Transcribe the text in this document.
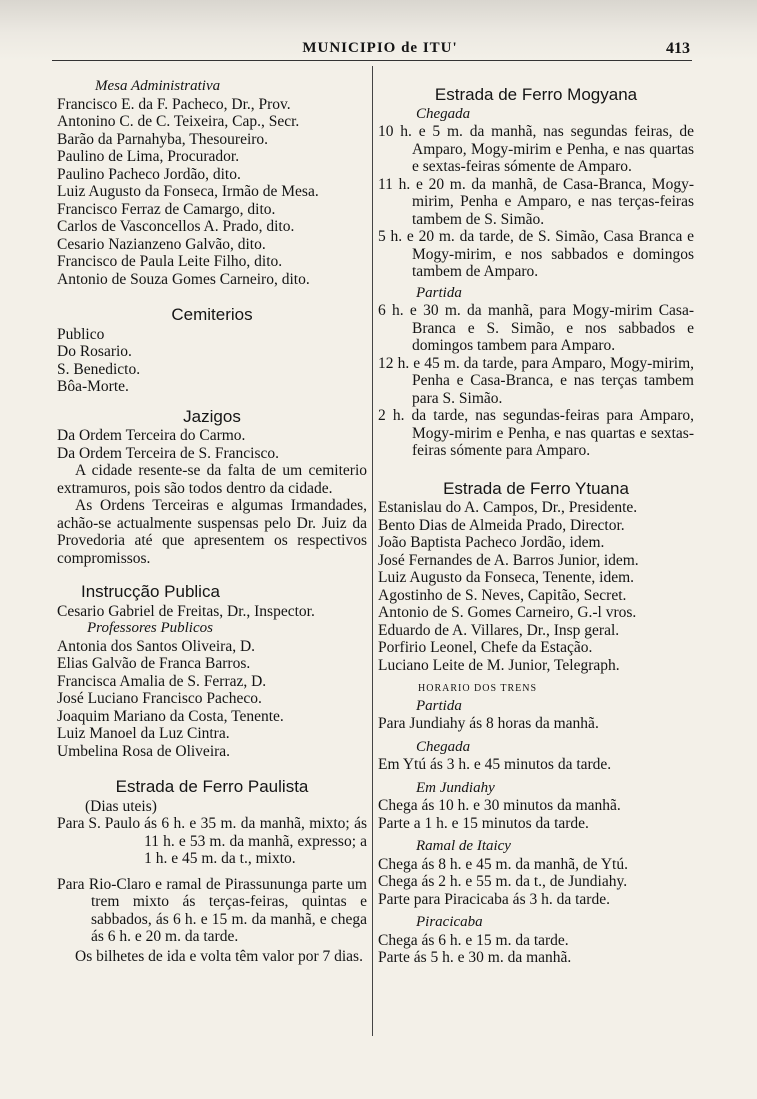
MUNICIPIO de ITU'	413
Mesa Administrativa
Francisco E. da F. Pacheco, Dr., Prov.
Antonino C. de C. Teixeira, Cap., Secr.
Barão da Parnahyba, Thesoureiro.
Paulino de Lima, Procurador.
Paulino Pacheco Jordão, dito.
Luiz Augusto da Fonseca, Irmão de Mesa.
Francisco Ferraz de Camargo, dito.
Carlos de Vasconcellos A. Prado, dito.
Cesario Nazianzeno Galvão, dito.
Francisco de Paula Leite Filho, dito.
Antonio de Souza Gomes Carneiro, dito.
Cemiterios
Publico
Do Rosario.
S. Benedicto.
Bôa-Morte.
Jazigos
Da Ordem Terceira do Carmo.
Da Ordem Terceira de S. Francisco.
A cidade resente-se da falta de um cemiterio extramuros, pois são todos dentro da cidade.
As Ordens Terceiras e algumas Irmandades, achão-se actualmente suspensas pelo Dr. Juiz da Provedoria até que apresentem os respectivos compromissos.
Instrucção Publica
Cesario Gabriel de Freitas, Dr., Inspector.
Professores Publicos
Antonia dos Santos Oliveira, D.
Elias Galvão de Franca Barros.
Francisca Amalia de S. Ferraz, D.
José Luciano Francisco Pacheco.
Joaquim Mariano da Costa, Tenente.
Luiz Manoel da Luz Cintra.
Umbelina Rosa de Oliveira.
Estrada de Ferro Paulista
(Dias uteis)
Para S. Paulo ás 6 h. e 35 m. da manhã, mixto; ás 11 h. e 53 m. da manhã, expresso; a 1 h. e 45 m. da t., mixto.
Para Rio-Claro e ramal de Pirassununga parte um trem mixto ás terças-feiras, quintas e sabbados, ás 6 h. e 15 m. da manhã, e chega ás 6 h. e 20 m. da tarde.
Os bilhetes de ida e volta têm valor por 7 dias.
Estrada de Ferro Mogyana
Chegada
10 h. e 5 m. da manhã, nas segundas feiras, de Amparo, Mogy-mirim e Penha, e nas quartas e sextas-feiras sómente de Amparo.
11 h. e 20 m. da manhã, de Casa-Branca, Mogy-mirim, Penha e Amparo, e nas terças-feiras tambem de S. Simão.
5 h. e 20 m. da tarde, de S. Simão, Casa Branca e Mogy-mirim, e nos sabbados e domingos tambem de Amparo.
Partida
6 h. e 30 m. da manhã, para Mogy-mirim Casa-Branca e S. Simão, e nos sabbados e domingos tambem para Amparo.
12 h. e 45 m. da tarde, para Amparo, Mogy-mirim, Penha e Casa-Branca, e nas terças tambem para S. Simão.
2 h. da tarde, nas segundas-feiras para Amparo, Mogy-mirim e Penha, e nas quartas e sextas-feiras sómente para Amparo.
Estrada de Ferro Ytuana
Estanislau do A. Campos, Dr., Presidente.
Bento Dias de Almeida Prado, Director.
João Baptista Pacheco Jordão, idem.
José Fernandes de A. Barros Junior, idem.
Luiz Augusto da Fonseca, Tenente, idem.
Agostinho de S. Neves, Capitão, Secret.
Antonio de S. Gomes Carneiro, G.-l vros.
Eduardo de A. Villares, Dr., Insp geral.
Porfirio Leonel, Chefe da Estação.
Luciano Leite de M. Junior, Telegraph.
HORARIO DOS TRENS
Partida
Para Jundiahy ás 8 horas da manhã.
Chegada
Em Ytú ás 3 h. e 45 minutos da tarde.
Em Jundiahy
Chega ás 10 h. e 30 minutos da manhã.
Parte a 1 h. e 15 minutos da tarde.
Ramal de Itaicy
Chega ás 8 h. e 45 m. da manhã, de Ytú.
Chega ás 2 h. e 55 m. da t., de Jundiahy.
Parte para Piracicaba ás 3 h. da tarde.
Piracicaba
Chega ás 6 h. e 15 m. da tarde.
Parte ás 5 h. e 30 m. da manhã.
